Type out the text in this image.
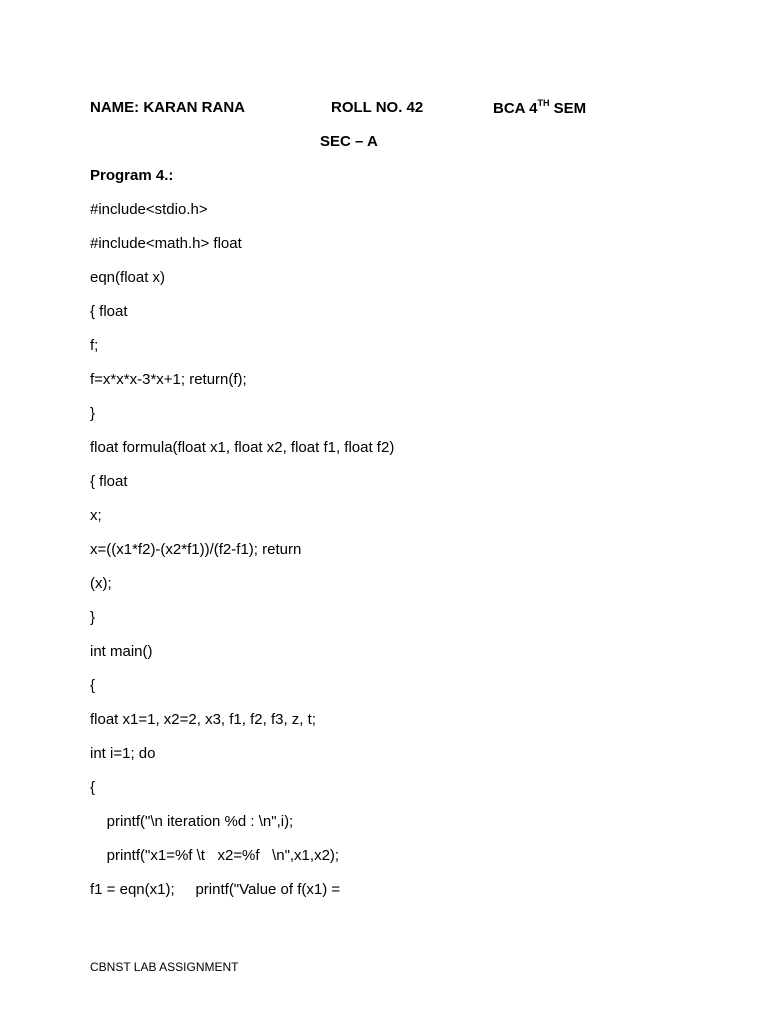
NAME: KARAN RANA	ROLL NO. 42	BCA 4TH SEM
SEC – A
Program 4.:
#include<stdio.h>
#include<math.h> float
eqn(float x)
{ float
f;
f=x*x*x-3*x+1; return(f);
}
float formula(float x1, float x2, float f1, float f2)
{ float
x;
x=((x1*f2)-(x2*f1))/(f2-f1); return
(x);
}
int main()
{
float x1=1, x2=2, x3, f1, f2, f3, z, t;
int i=1; do
{
printf("\n iteration %d : \n",i);
printf("x1=%f \t   x2=%f   \n",x1,x2);
f1 = eqn(x1);     printf("Value of f(x1) =
CBNST LAB ASSIGNMENT
